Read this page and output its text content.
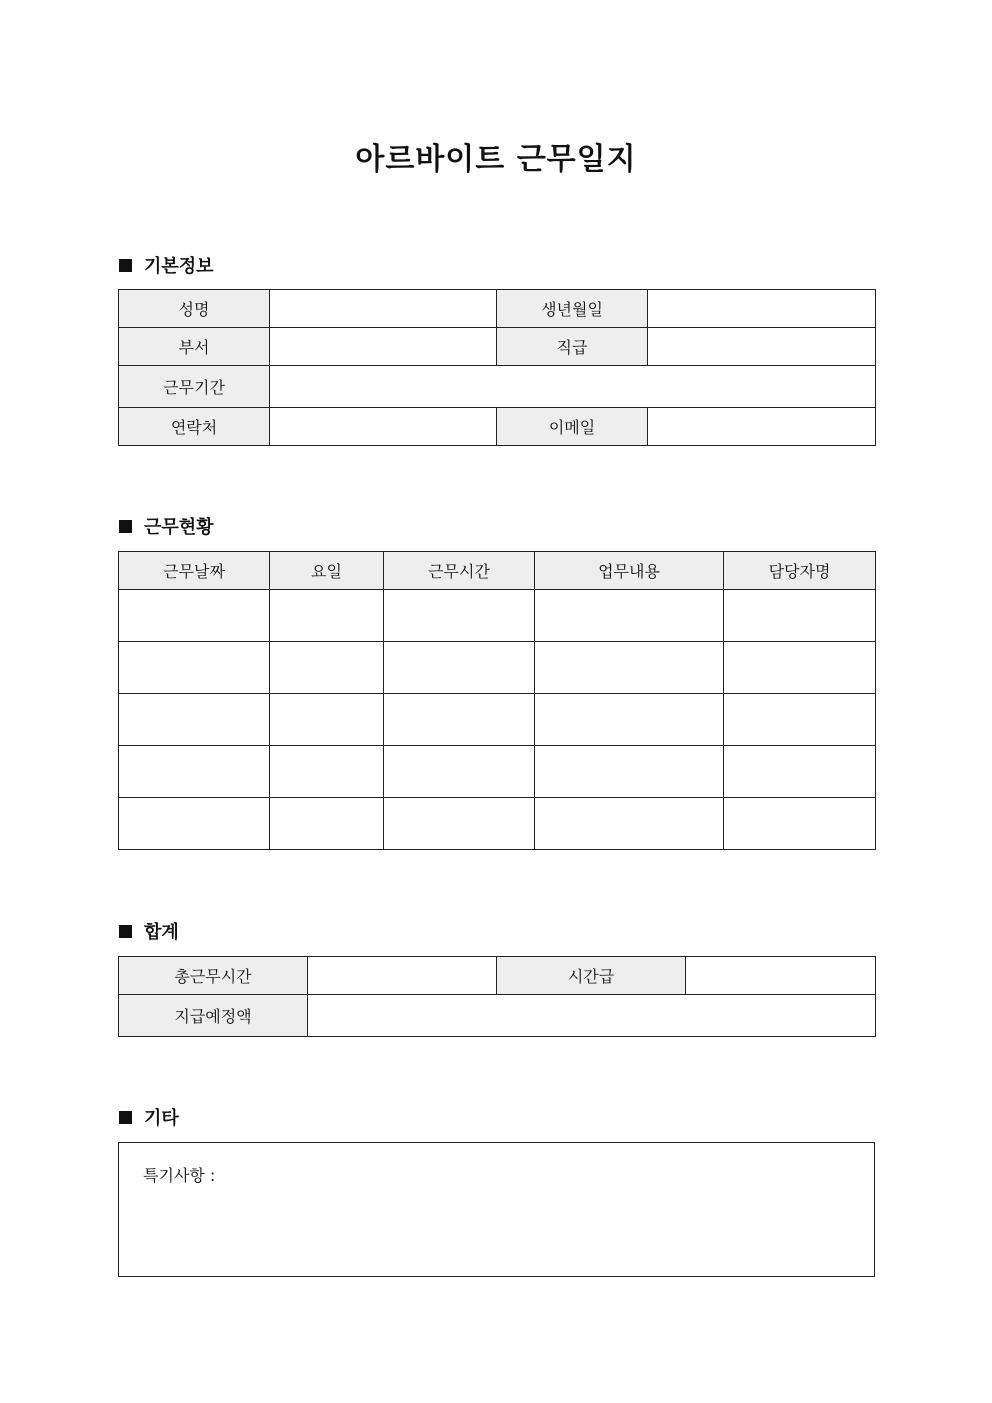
아르바이트 근무일지
기본정보
성명		생년월일	
부서		직급	
근무기간			
연락처		이메일	
근무현황
근무날짜	요일	근무시간	업무내용	담당자명

합계
총근무시간		시간급	
지급예정액			
기타
특기사항 :
